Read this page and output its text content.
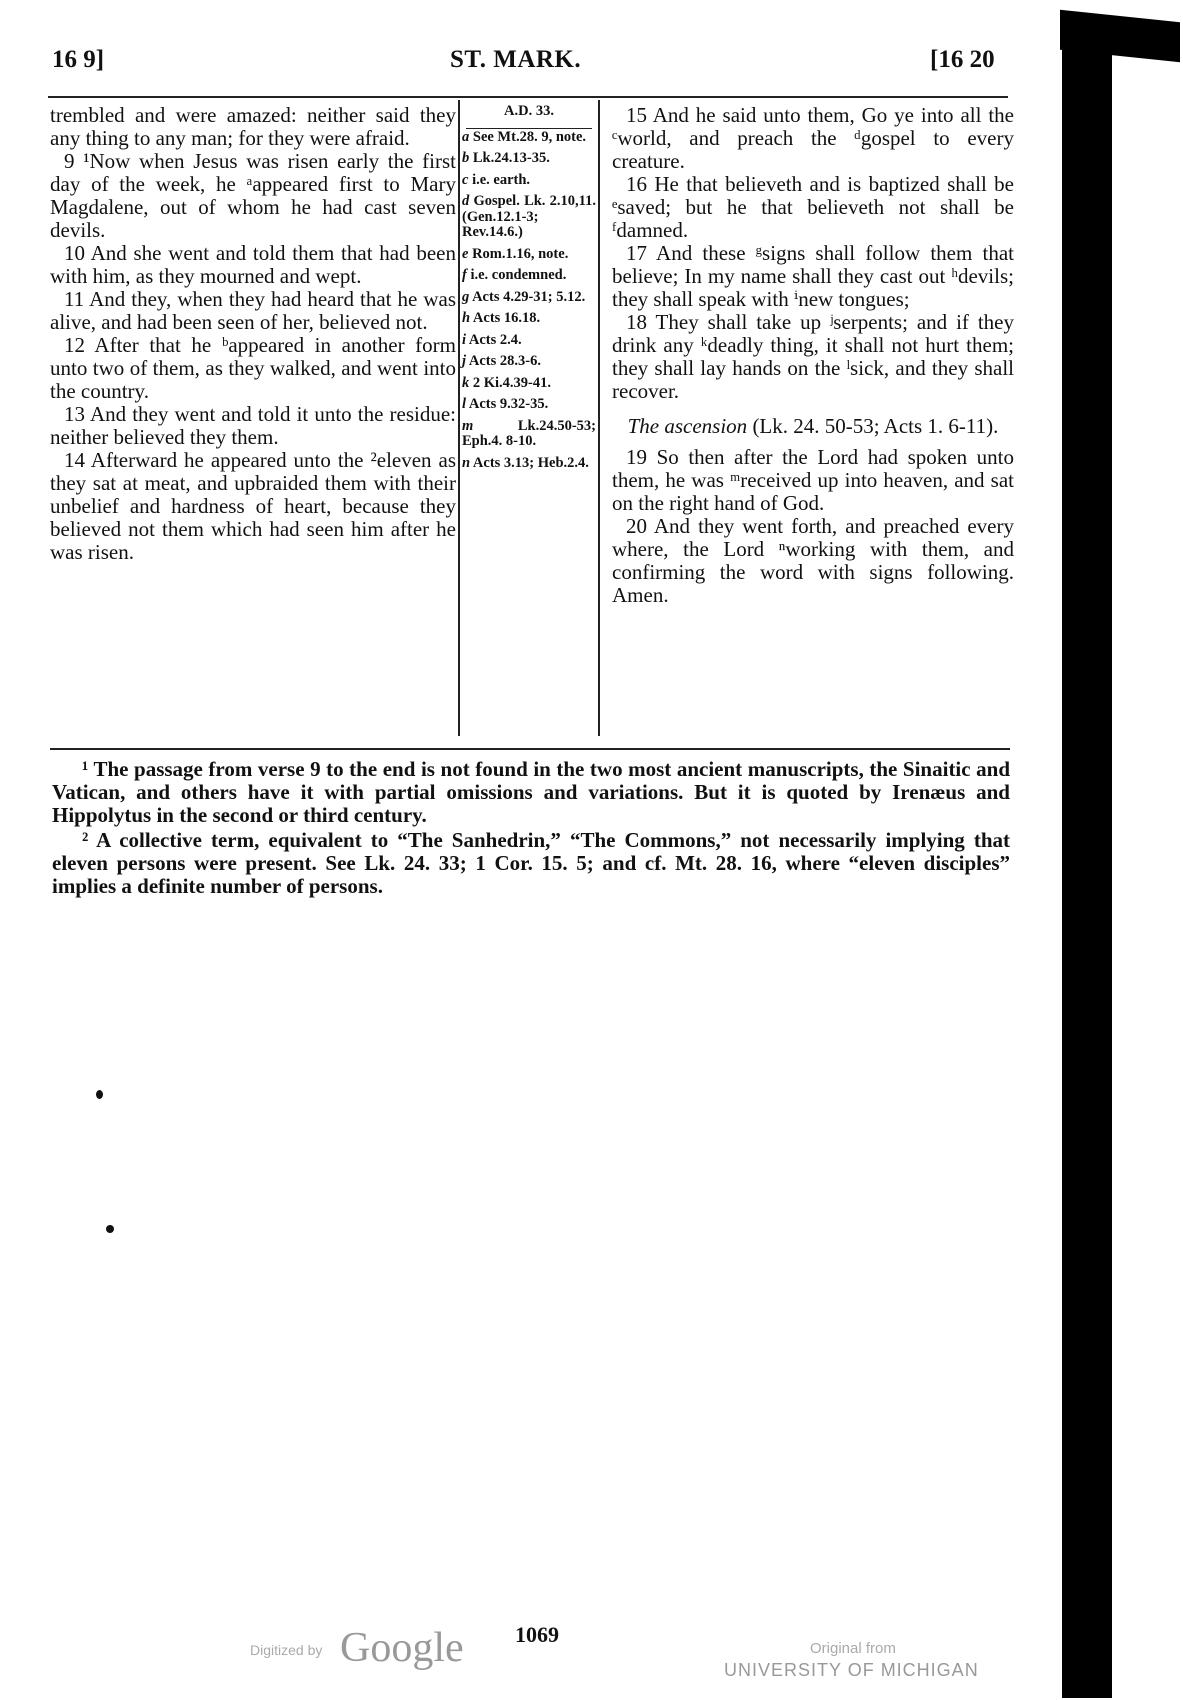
16 9]	ST. MARK.	[16 20

trembled and were amazed: neither said they any thing to any man; for they were afraid.

9 ¹Now when Jesus was risen early the first day of the week, he ᵃappeared first to Mary Magdalene, out of whom he had cast seven devils.

10 And she went and told them that had been with him, as they mourned and wept.

11 And they, when they had heard that he was alive, and had been seen of her, believed not.

12 After that he ᵇappeared in another form unto two of them, as they walked, and went into the country.

13 And they went and told it unto the residue: neither believed they them.

14 Afterward he appeared unto the ²eleven as they sat at meat, and upbraided them with their unbelief and hardness of heart, because they believed not them which had seen him after he was risen.

A.D. 33.
a See Mt.28. 9, note.
b Lk.24.13-35.
c i.e. earth.
d Gospel. Lk. 2.10,11. (Gen.12.1-3; Rev.14.6.)
e Rom.1.16, note.
f i.e. condemned.
g Acts 4.29-31; 5.12.
h Acts 16.18.
i Acts 2.4.
j Acts 28.3-6.
k 2 Ki.4.39-41.
l Acts 9.32-35.
m	Lk.24.50-53; Eph.4. 8-10.
n Acts 3.13; Heb.2.4.

15 And he said unto them, Go ye into all the ᶜworld, and preach the ᵈgospel to every creature.

16 He that believeth and is baptized shall be ᵉsaved; but he that believeth not shall be ᶠdamned.

17 And these ᵍsigns shall follow them that believe; In my name shall they cast out ʰdevils; they shall speak with ⁱnew tongues;

18 They shall take up ʲserpents; and if they drink any ᵏdeadly thing, it shall not hurt them; they shall lay hands on the ˡsick, and they shall recover.

The ascension (Lk. 24. 50-53; Acts 1. 6-11).

19 So then after the Lord had spoken unto them, he was ᵐreceived up into heaven, and sat on the right hand of God.

20 And they went forth, and preached every where, the Lord ⁿworking with them, and confirming the word with signs following. Amen.

¹ The passage from verse 9 to the end is not found in the two most ancient manuscripts, the Sinaitic and Vatican, and others have it with partial omissions and variations. But it is quoted by Irenæus and Hippolytus in the second or third century.

² A collective term, equivalent to “The Sanhedrin,” “The Commons,” not necessarily implying that eleven persons were present. See Lk. 24. 33; 1 Cor. 15. 5; and cf. Mt. 28. 16, where “eleven disciples” implies a definite number of persons.

1069
Digitized by Google	Original from
UNIVERSITY OF MICHIGAN
